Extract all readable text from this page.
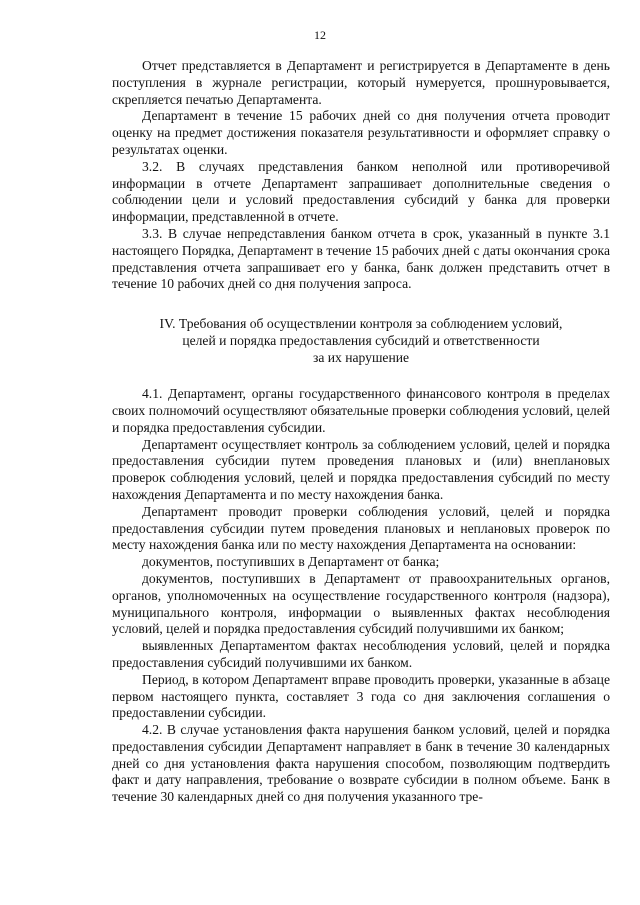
12

Отчет представляется в Департамент и регистрируется в Департаменте в день поступления в журнале регистрации, который нумеруется, прошнуровывается, скрепляется печатью Департамента.

Департамент в течение 15 рабочих дней со дня получения отчета проводит оценку на предмет достижения показателя результативности и оформляет справку о результатах оценки.

3.2. В случаях представления банком неполной или противоречивой информации в отчете Департамент запрашивает дополнительные сведения о соблюдении цели и условий предоставления субсидий у банка для проверки информации, представленной в отчете.

3.3. В случае непредставления банком отчета в срок, указанный в пункте 3.1 настоящего Порядка, Департамент в течение 15 рабочих дней с даты окончания срока представления отчета запрашивает его у банка, банк должен представить отчет в течение 10 рабочих дней со дня получения запроса.

IV. Требования об осуществлении контроля за соблюдением условий,
целей и порядка предоставления субсидий и ответственности
за их нарушение

4.1. Департамент, органы государственного финансового контроля в пределах своих полномочий осуществляют обязательные проверки соблюдения условий, целей и порядка предоставления субсидии.

Департамент осуществляет контроль за соблюдением условий, целей и порядка предоставления субсидии путем проведения плановых и (или) внеплановых проверок соблюдения условий, целей и порядка предоставления субсидий по месту нахождения Департамента и по месту нахождения банка.

Департамент проводит проверки соблюдения условий, целей и порядка предоставления субсидии путем проведения плановых и неплановых проверок по месту нахождения банка или по месту нахождения Департамента на основании:

документов, поступивших в Департамент от банка;

документов, поступивших в Департамент от правоохранительных органов, органов, уполномоченных на осуществление государственного контроля (надзора), муниципального контроля, информации о выявленных фактах несоблюдения условий, целей и порядка предоставления субсидий получившими их банком;

выявленных Департаментом фактах несоблюдения условий, целей и порядка предоставления субсидий получившими их банком.

Период, в котором Департамент вправе проводить проверки, указанные в абзаце первом настоящего пункта, составляет 3 года со дня заключения соглашения о предоставлении субсидии.

4.2. В случае установления факта нарушения банком условий, целей и порядка предоставления субсидии Департамент направляет в банк в течение 30 календарных дней со дня установления факта нарушения способом, позволяющим подтвердить факт и дату направления, требование о возврате субсидии в полном объеме. Банк в течение 30 календарных дней со дня получения указанного тре-
